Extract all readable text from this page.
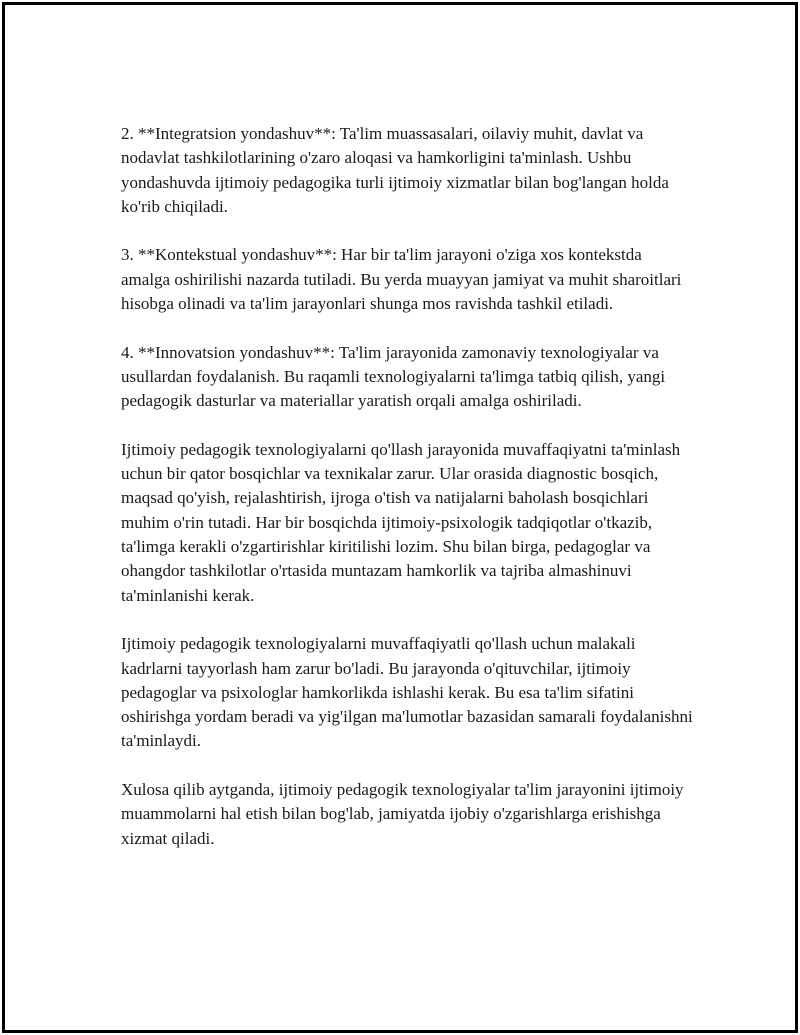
2. **Integratsion yondashuv**: Ta'lim muassasalari, oilaviy muhit, davlat va nodavlat tashkilotlarining o'zaro aloqasi va hamkorligini ta'minlash. Ushbu yondashuvda ijtimoiy pedagogika turli ijtimoiy xizmatlar bilan bog'langan holda ko'rib chiqiladi.

3. **Kontekstual yondashuv**: Har bir ta'lim jarayoni o'ziga xos kontekstda amalga oshirilishi nazarda tutiladi. Bu yerda muayyan jamiyat va muhit sharoitlari hisobga olinadi va ta'lim jarayonlari shunga mos ravishda tashkil etiladi.

4. **Innovatsion yondashuv**: Ta'lim jarayonida zamonaviy texnologiyalar va usullardan foydalanish. Bu raqamli texnologiyalarni ta'limga tatbiq qilish, yangi pedagogik dasturlar va materiallar yaratish orqali amalga oshiriladi.

Ijtimoiy pedagogik texnologiyalarni qo'llash jarayonida muvaffaqiyatni ta'minlash uchun bir qator bosqichlar va texnikalar zarur. Ular orasida diagnostic bosqich, maqsad qo'yish, rejalashtirish, ijroga o'tish va natijalarni baholash bosqichlari muhim o'rin tutadi. Har bir bosqichda ijtimoiy-psixologik tadqiqotlar o'tkazib, ta'limga kerakli o'zgartirishlar kiritilishi lozim. Shu bilan birga, pedagoglar va ohangdor tashkilotlar o'rtasida muntazam hamkorlik va tajriba almashinuvi ta'minlanishi kerak.

Ijtimoiy pedagogik texnologiyalarni muvaffaqiyatli qo'llash uchun malakali kadrlarni tayyorlash ham zarur bo'ladi. Bu jarayonda o'qituvchilar, ijtimoiy pedagoglar va psixologlar hamkorlikda ishlashi kerak. Bu esa ta'lim sifatini oshirishga yordam beradi va yig'ilgan ma'lumotlar bazasidan samarali foydalanishni ta'minlaydi.

Xulosa qilib aytganda, ijtimoiy pedagogik texnologiyalar ta'lim jarayonini ijtimoiy muammolarni hal etish bilan bog'lab, jamiyatda ijobiy o'zgarishlarga erishishga xizmat qiladi.
